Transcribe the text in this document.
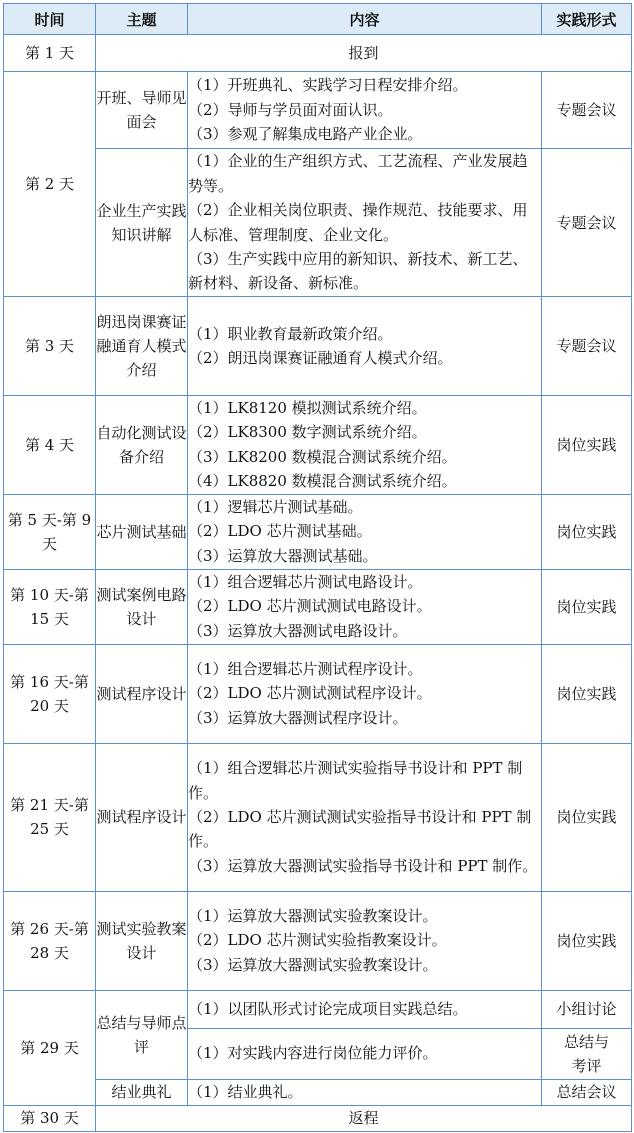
时间	主题	内容	实践形式
第 1 天	报到		
第 2 天	开班、导师见面会	（1）开班典礼、实践学习日程安排介绍。
（2）导师与学员面对面认识。
（3）参观了解集成电路产业企业。	专题会议
	企业生产实践知识讲解	（1）企业的生产组织方式、工艺流程、产业发展趋势等。
（2）企业相关岗位职责、操作规范、技能要求、用人标准、管理制度、企业文化。
（3）生产实践中应用的新知识、新技术、新工艺、新材料、新设备、新标准。	专题会议
第 3 天	朗迅岗课赛证融通育人模式介绍	（1）职业教育最新政策介绍。
（2）朗迅岗课赛证融通育人模式介绍。	专题会议
第 4 天	自动化测试设备介绍	（1）LK8120 模拟测试系统介绍。
（2）LK8300 数字测试系统介绍。
（3）LK8200 数模混合测试系统介绍。
（4）LK8820 数模混合测试系统介绍。	岗位实践
第 5 天-第 9 天	芯片测试基础	（1）逻辑芯片测试基础。
（2）LDO 芯片测试基础。
（3）运算放大器测试基础。	岗位实践
第 10 天-第 15 天	测试案例电路设计	（1）组合逻辑芯片测试电路设计。
（2）LDO 芯片测试测试电路设计。
（3）运算放大器测试电路设计。	岗位实践
第 16 天-第 20 天	测试程序设计	（1）组合逻辑芯片测试程序设计。
（2）LDO 芯片测试测试程序设计。
（3）运算放大器测试程序设计。	岗位实践
第 21 天-第 25 天	测试程序设计	（1）组合逻辑芯片测试实验指导书设计和 PPT 制作。
（2）LDO 芯片测试测试实验指导书设计和 PPT 制作。
（3）运算放大器测试实验指导书设计和 PPT 制作。	岗位实践
第 26 天-第 28 天	测试实验教案设计	（1）运算放大器测试实验教案设计。
（2）LDO 芯片测试实验指教案设计。
（3）运算放大器测试实验教案设计。	岗位实践
第 29 天	总结与导师点评	（1）以团队形式讨论完成项目实践总结。	小组讨论

		（1）对实践内容进行岗位能力评价。	总结与考评
	结业典礼	（1）结业典礼。	总结会议
第 30 天	返程		
